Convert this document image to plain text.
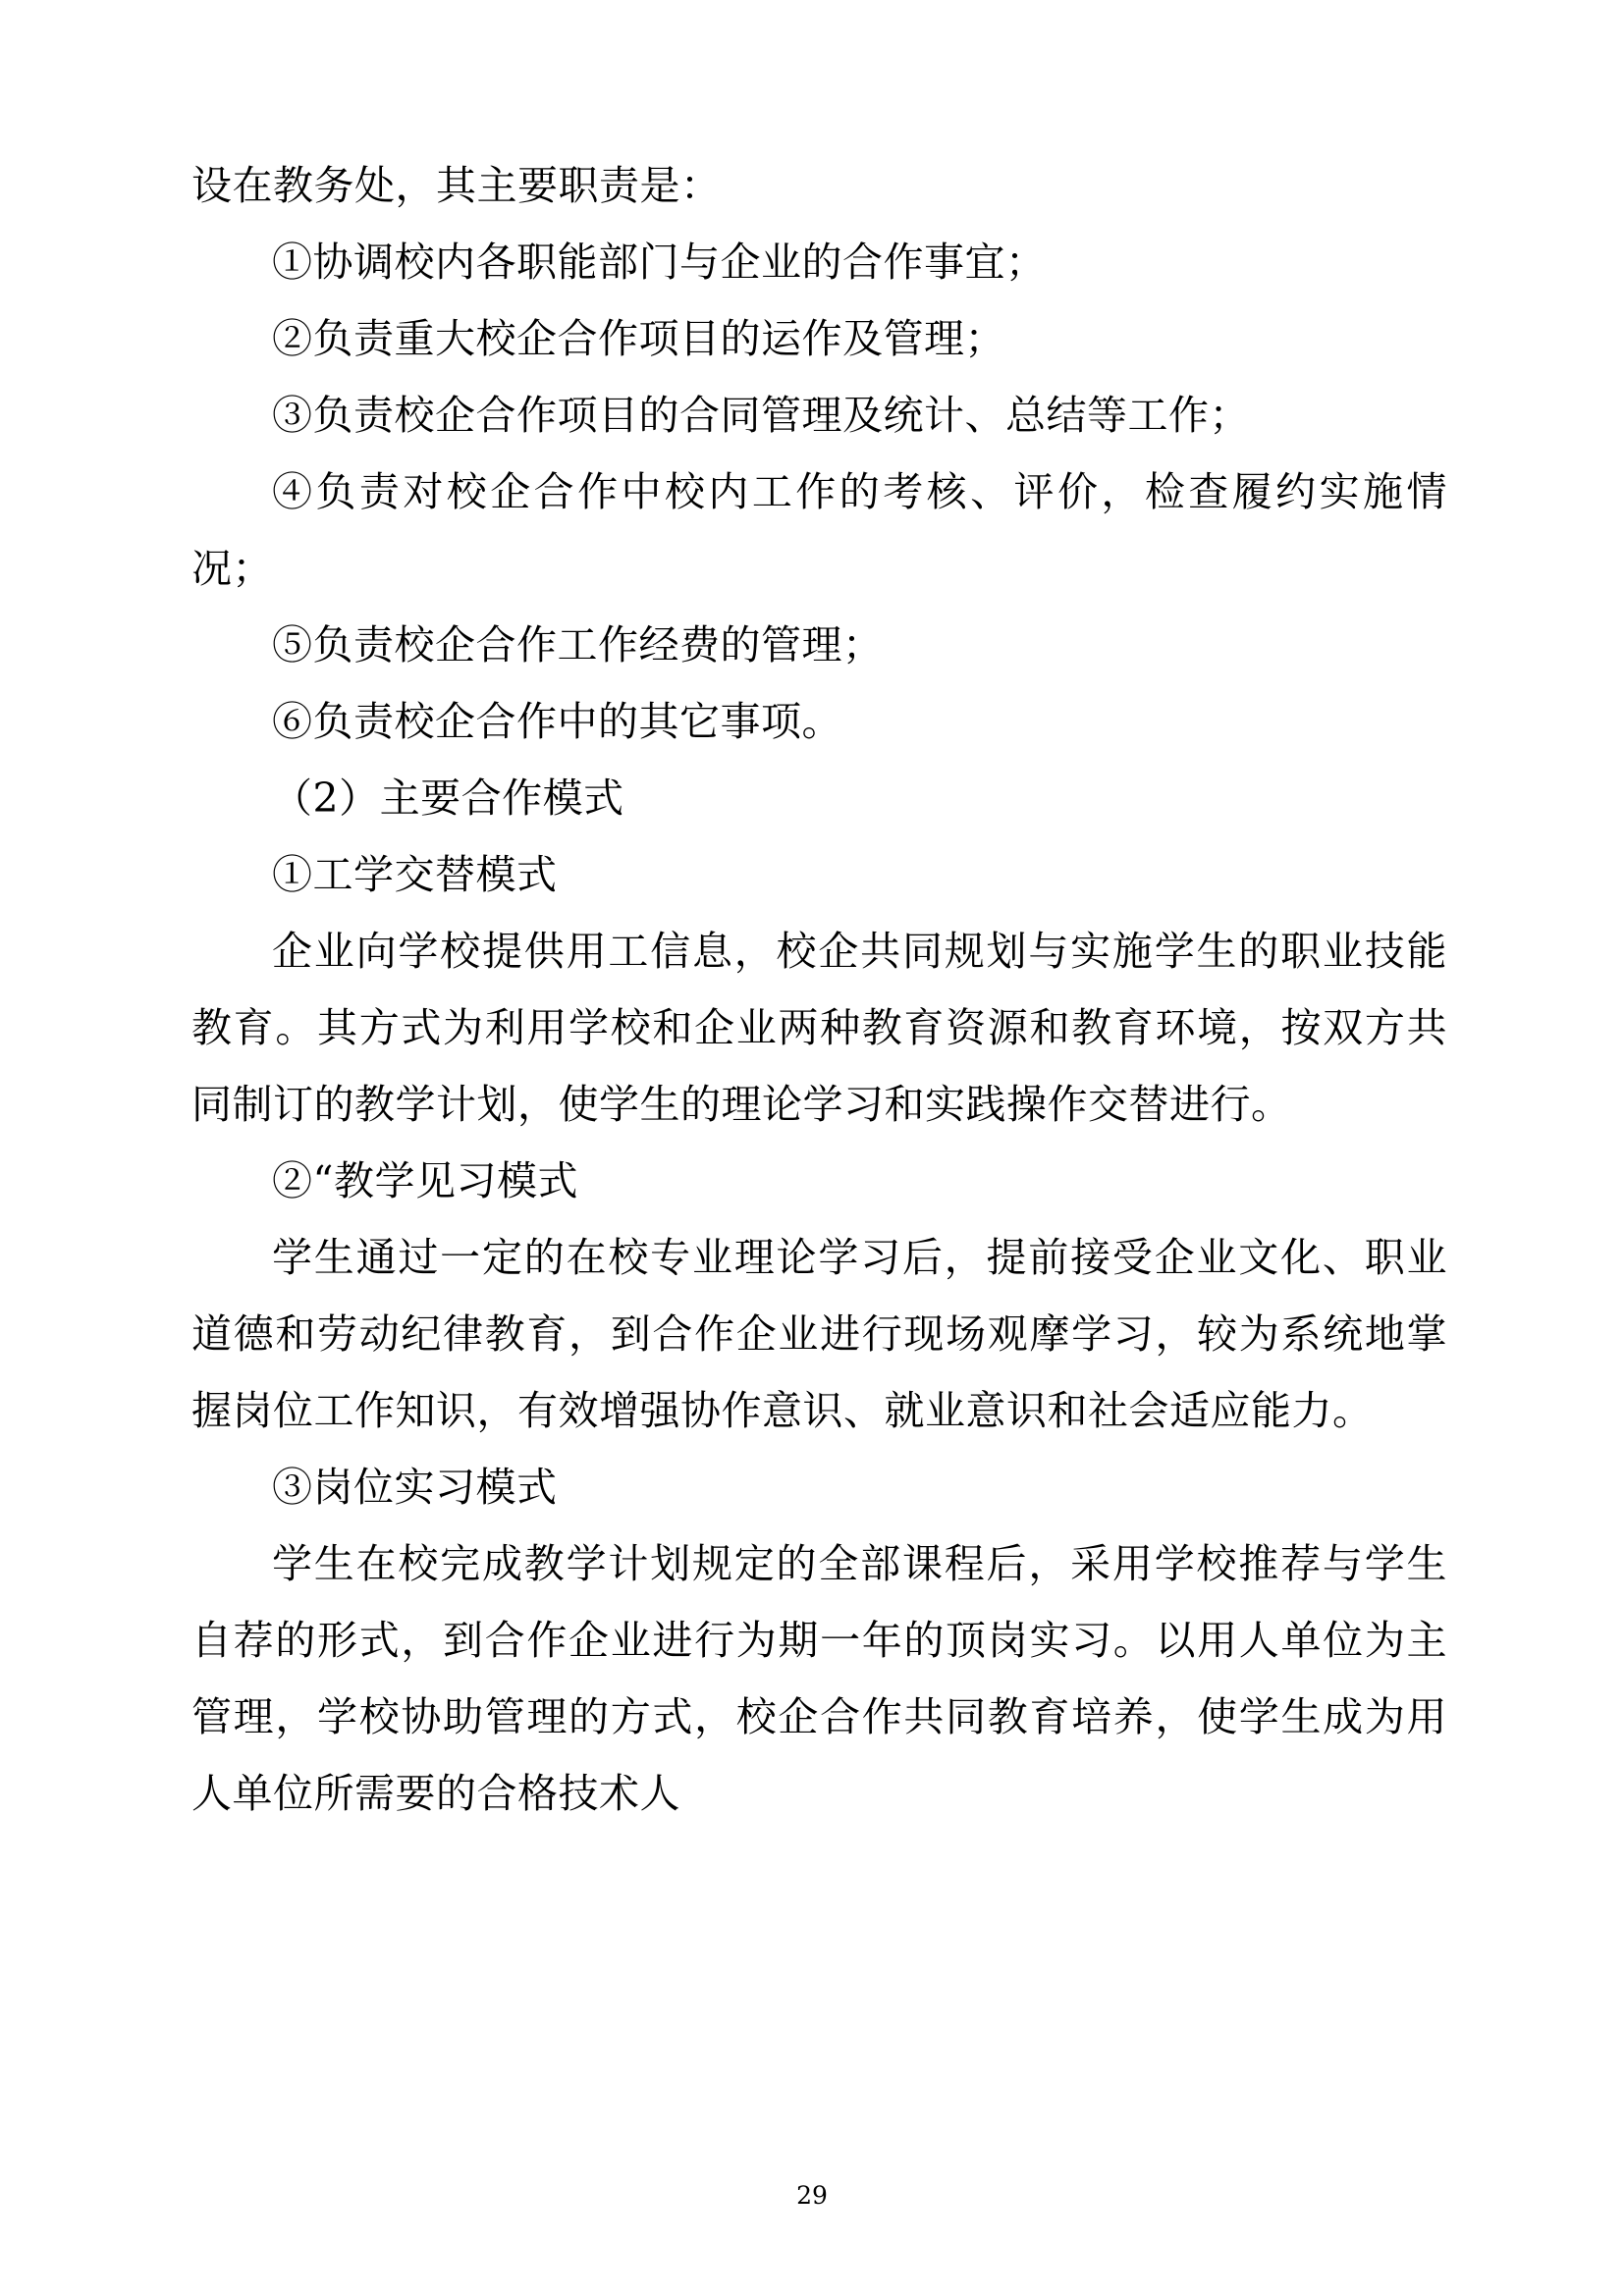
设在教务处，其主要职责是：

①协调校内各职能部门与企业的合作事宜；

②负责重大校企合作项目的运作及管理；

③负责校企合作项目的合同管理及统计、总结等工作；

④负责对校企合作中校内工作的考核、评价，检查履约实施情况；

⑤负责校企合作工作经费的管理；

⑥负责校企合作中的其它事项。

（2）主要合作模式

①工学交替模式

企业向学校提供用工信息，校企共同规划与实施学生的职业技能教育。其方式为利用学校和企业两种教育资源和教育环境，按双方共同制订的教学计划，使学生的理论学习和实践操作交替进行。

②“教学见习模式

学生通过一定的在校专业理论学习后，提前接受企业文化、职业道德和劳动纪律教育，到合作企业进行现场观摩学习，较为系统地掌握岗位工作知识，有效增强协作意识、就业意识和社会适应能力。

③岗位实习模式

学生在校完成教学计划规定的全部课程后，采用学校推荐与学生自荐的形式，到合作企业进行为期一年的顶岗实习。以用人单位为主管理，学校协助管理的方式，校企合作共同教育培养，使学生成为用人单位所需要的合格技术人

29
